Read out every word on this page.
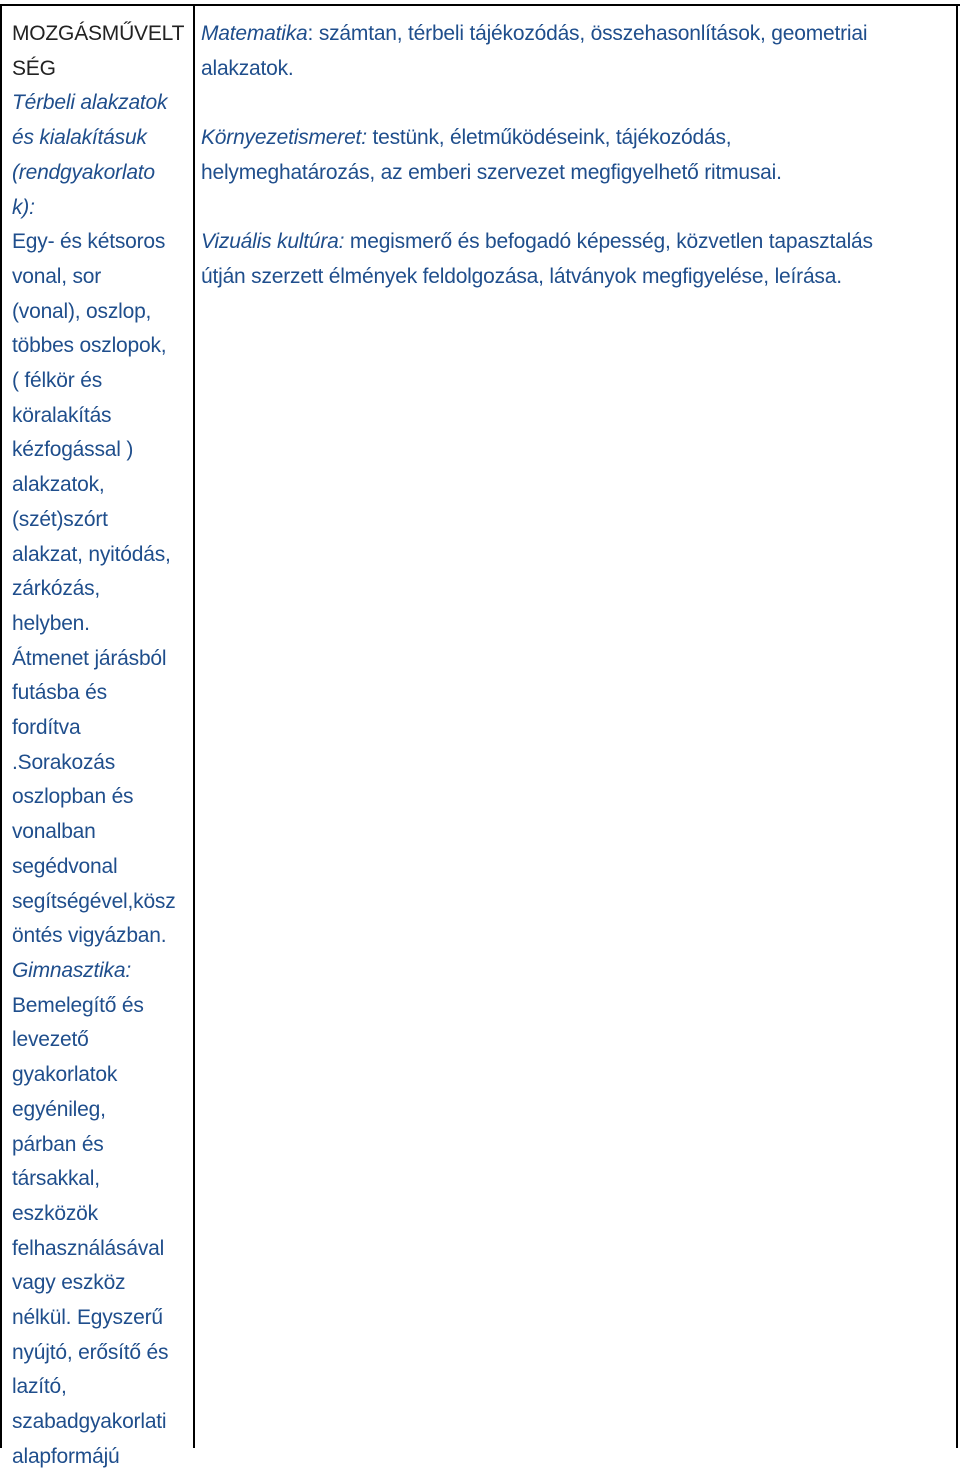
MOZGÁSMŰVELT
SÉG
Térbeli alakzatok
és kialakításuk
(rendgyakorlato
k):
Egy- és kétsoros
vonal, sor
(vonal), oszlop,
többes oszlopok,
( félkör és
köralakítás
kézfogással )
alakzatok,
(szét)szórt
alakzat, nyitódás,
zárkózás,
helyben.
Átmenet járásból
futásba és
fordítva
.Sorakozás
oszlopban és
vonalban
segédvonal
segítségével,kösz
öntés vigyázban.
Gimnasztika:
Bemelegítő és
levezető
gyakorlatok
egyénileg,
párban és
társakkal,
eszközök
felhasználásával
vagy eszköz
nélkül. Egyszerű
nyújtó, erősítő és
lazító,
szabadgyakorlati
alapformájú

Matematika: számtan, térbeli tájékozódás, összehasonlítások, geometriai
alakzatok.

Környezetismeret: testünk, életműködéseink, tájékozódás,
helymeghatározás, az emberi szervezet megfigyelhető ritmusai.

Vizuális kultúra: megismerő és befogadó képesség, közvetlen tapasztalás
útján szerzett élmények feldolgozása, látványok megfigyelése, leírása.
